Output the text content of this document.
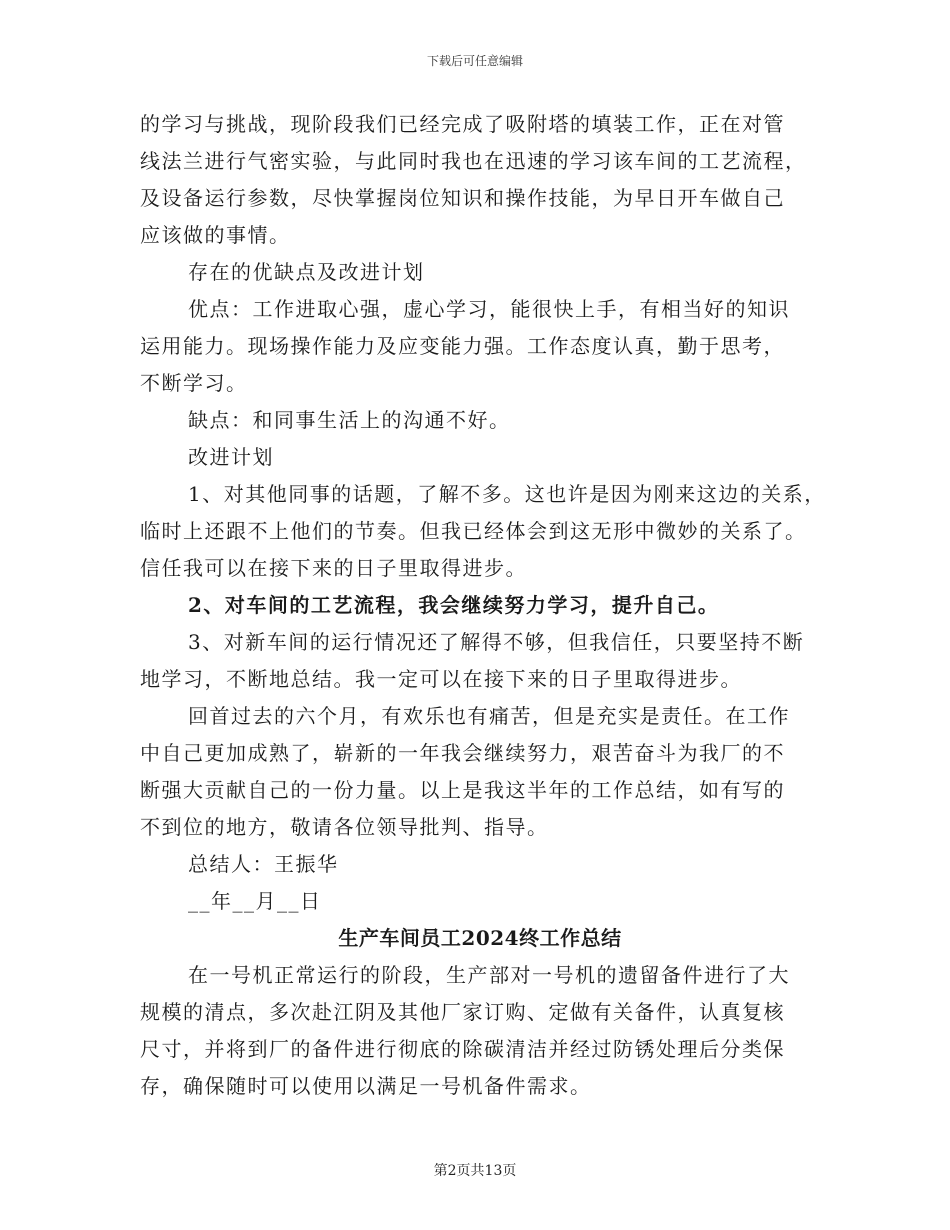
下载后可任意编辑
的学习与挑战，现阶段我们已经完成了吸附塔的填装工作，正在对管
线法兰进行气密实验，与此同时我也在迅速的学习该车间的工艺流程，
及设备运行参数，尽快掌握岗位知识和操作技能，为早日开车做自己
应该做的事情。
存在的优缺点及改进计划
优点：工作进取心强，虚心学习，能很快上手，有相当好的知识
运用能力。现场操作能力及应变能力强。工作态度认真，勤于思考，
不断学习。
缺点：和同事生活上的沟通不好。
改进计划
1、对其他同事的话题，了解不多。这也许是因为刚来这边的关系，
临时上还跟不上他们的节奏。但我已经体会到这无形中微妙的关系了。
信任我可以在接下来的日子里取得进步。
2、对车间的工艺流程，我会继续努力学习，提升自己。
3、对新车间的运行情况还了解得不够，但我信任，只要坚持不断
地学习，不断地总结。我一定可以在接下来的日子里取得进步。
回首过去的六个月，有欢乐也有痛苦，但是充实是责任。在工作
中自己更加成熟了，崭新的一年我会继续努力，艰苦奋斗为我厂的不
断强大贡献自己的一份力量。以上是我这半年的工作总结，如有写的
不到位的地方，敬请各位领导批判、指导。
总结人：王振华
__年__月__日
生产车间员工2024终工作总结
在一号机正常运行的阶段，生产部对一号机的遗留备件进行了大
规模的清点，多次赴江阴及其他厂家订购、定做有关备件，认真复核
尺寸，并将到厂的备件进行彻底的除碳清洁并经过防锈处理后分类保
存，确保随时可以使用以满足一号机备件需求。
第2页共13页
